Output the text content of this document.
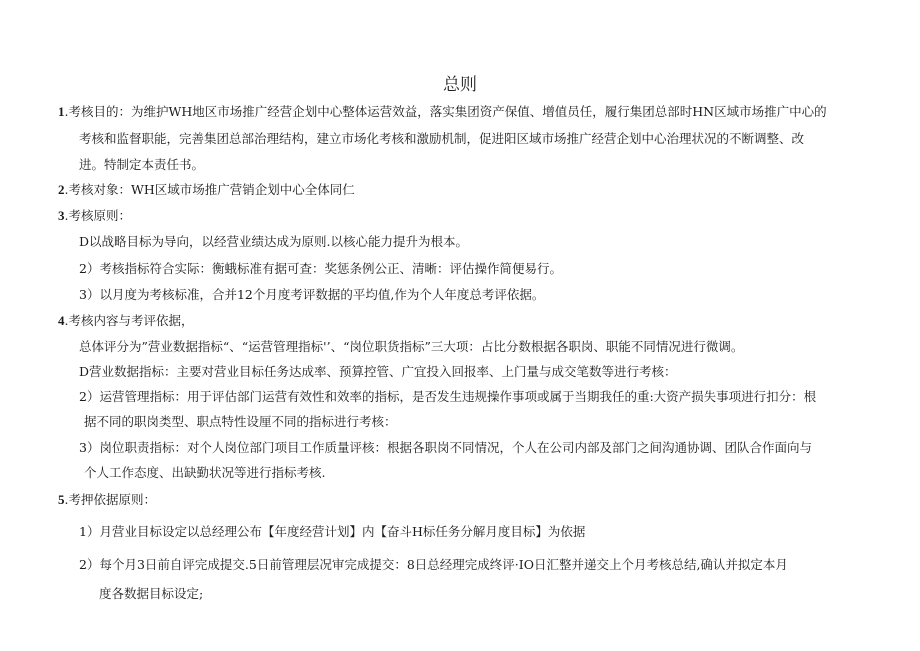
总则
1.考核目的：为维护WH地区市场推广经营企划中心整体运营效益，落实集团资产保值、增值员任，履行集团总部时HN区域市场推广中心的
考核和监督职能，完善集团总部治理结构，建立市场化考核和激励机制，促进阳区域市场推广经营企划中心治理状况的不断调整、改
进。特制定本责任书。
2.考核对象：WH区域市场推广营销企划中心全体同仁
3.考核原则：
D以战略目标为导向，以经营业绩达成为原则.以核心能力提升为根本。
2）考核指标符合实际：衡蛾标准有据可查：奖惩条例公正、清晰：评估操作简便易行。
3）以月度为考核标准，合并12个月度考评数据的平均值,作为个人年度总考评依据。
4.考核内容与考评依据，
总体评分为”营业数据指标“、“运营管理指标'’、“岗位职货指标”三大项：占比分数根据各职岗、职能不同情况进行微调。
D营业数据指标：主要对营业目标任务达成率、预算控管、广宜投入回报率、上门量与成交笔数等进行考核：
2）运营管理指标：用于评估部门运营有效性和效率的指标，是否发生违规操作事项或属于当期我任的重:大资产损失事项进行扣分：根
据不同的职岗类型、职点特性设厘不同的指标进行考核：
3）岗位职责指标：对个人岗位部门项目工作质量评核：根据各职岗不同情况，个人在公司内部及部门之间沟通协调、团队合作面向与
个人工作态度、出缺勤状况等进行指标考核.
5.考押依据原则：
1）月营业目标设定以总经理公布【年度经营计划】内【奋斗H标任务分解月度目标】为依据
2）每个月3日前自评完成提交.5日前管理层况审完成提交：8日总经理完成终评·IO日汇整并递交上个月考核总结,确认并拟定本月
度各数据目标设定;
